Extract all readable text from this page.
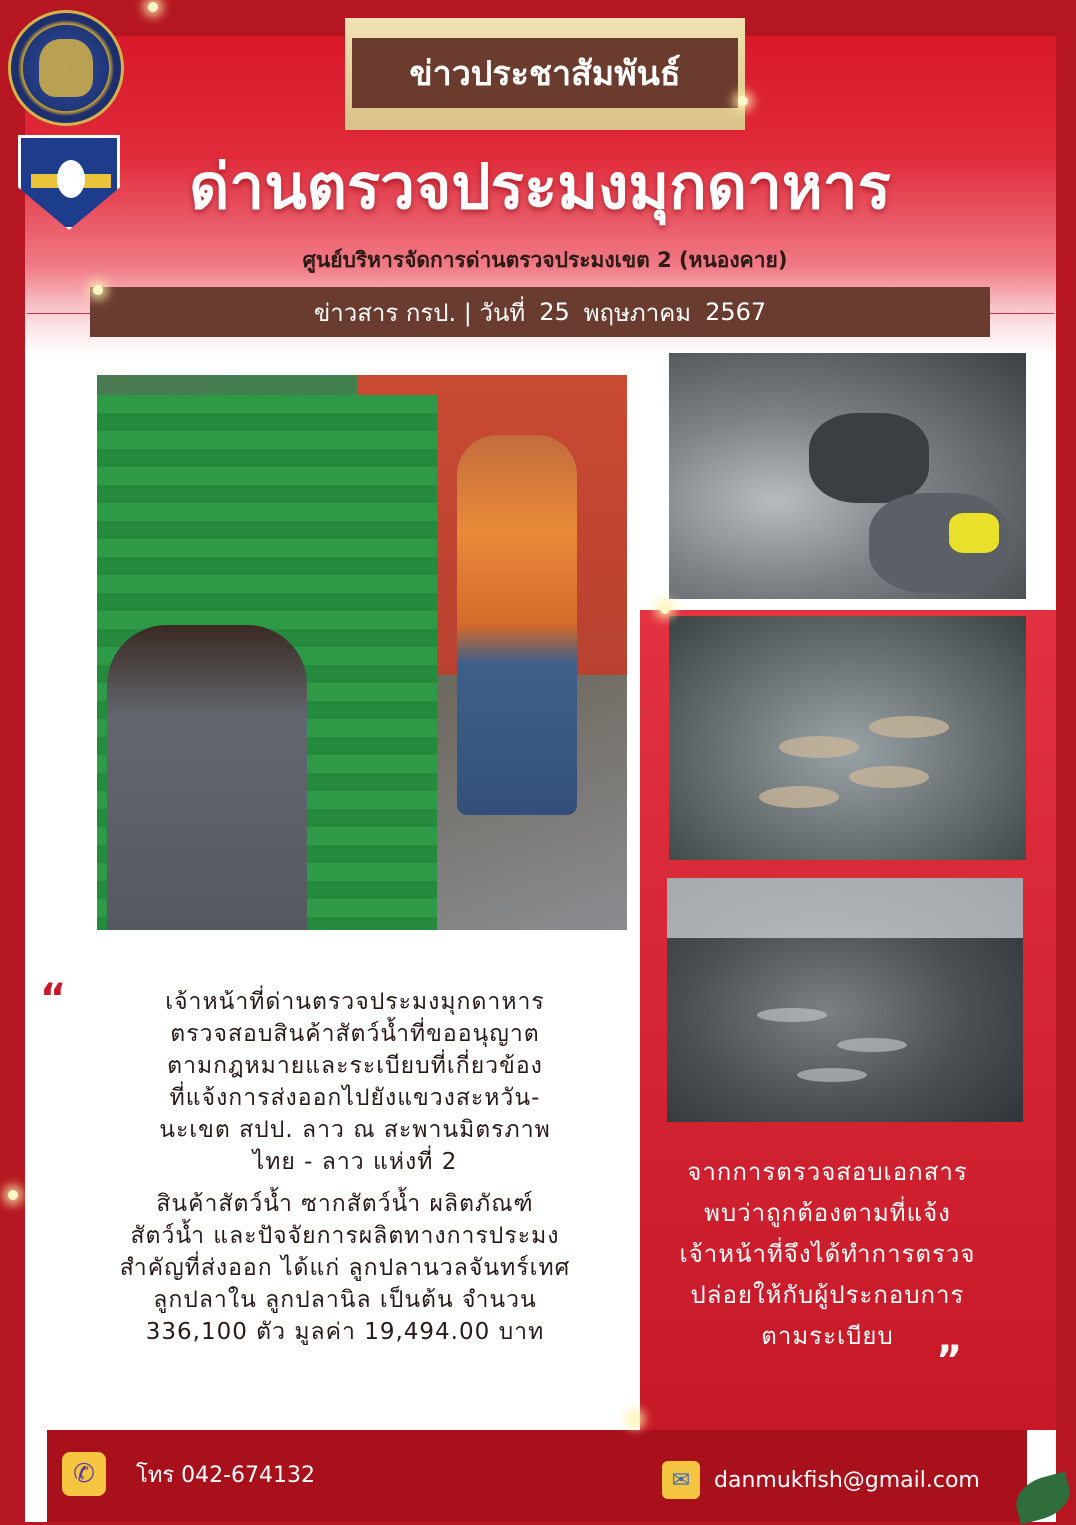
ข่าวประชาสัมพันธ์
ด่านตรวจประมงมุกดาหาร
ศูนย์บริหารจัดการด่านตรวจประมงเขต 2 (หนองคาย)
ข่าวสาร กรป. | วันที่ 25 พฤษภาคม 2567
“	เจ้าหน้าที่ด่านตรวจประมงมุกดาหาร
ตรวจสอบสินค้าสัตว์น้ำที่ขออนุญาต
ตามกฎหมายและระเบียบที่เกี่ยวข้อง
ที่แจ้งการส่งออกไปยังแขวงสะหวัน-
นะเขต สปป. ลาว ณ สะพานมิตรภาพ
ไทย - ลาว แห่งที่ 2
สินค้าสัตว์น้ำ ซากสัตว์น้ำ ผลิตภัณฑ์
สัตว์น้ำ และปัจจัยการผลิตทางการประมง
สำคัญที่ส่งออก ได้แก่ ลูกปลานวลจันทร์เทศ
ลูกปลาใน ลูกปลานิล เป็นต้น จำนวน
336,100 ตัว มูลค่า 19,494.00 บาท
จากการตรวจสอบเอกสาร
พบว่าถูกต้องตามที่แจ้ง
เจ้าหน้าที่จึงได้ทำการตรวจ
ปล่อยให้กับผู้ประกอบการ
ตามระเบียบ
”
✆	โทร 042-674132	✉	danmukfish@gmail.com
